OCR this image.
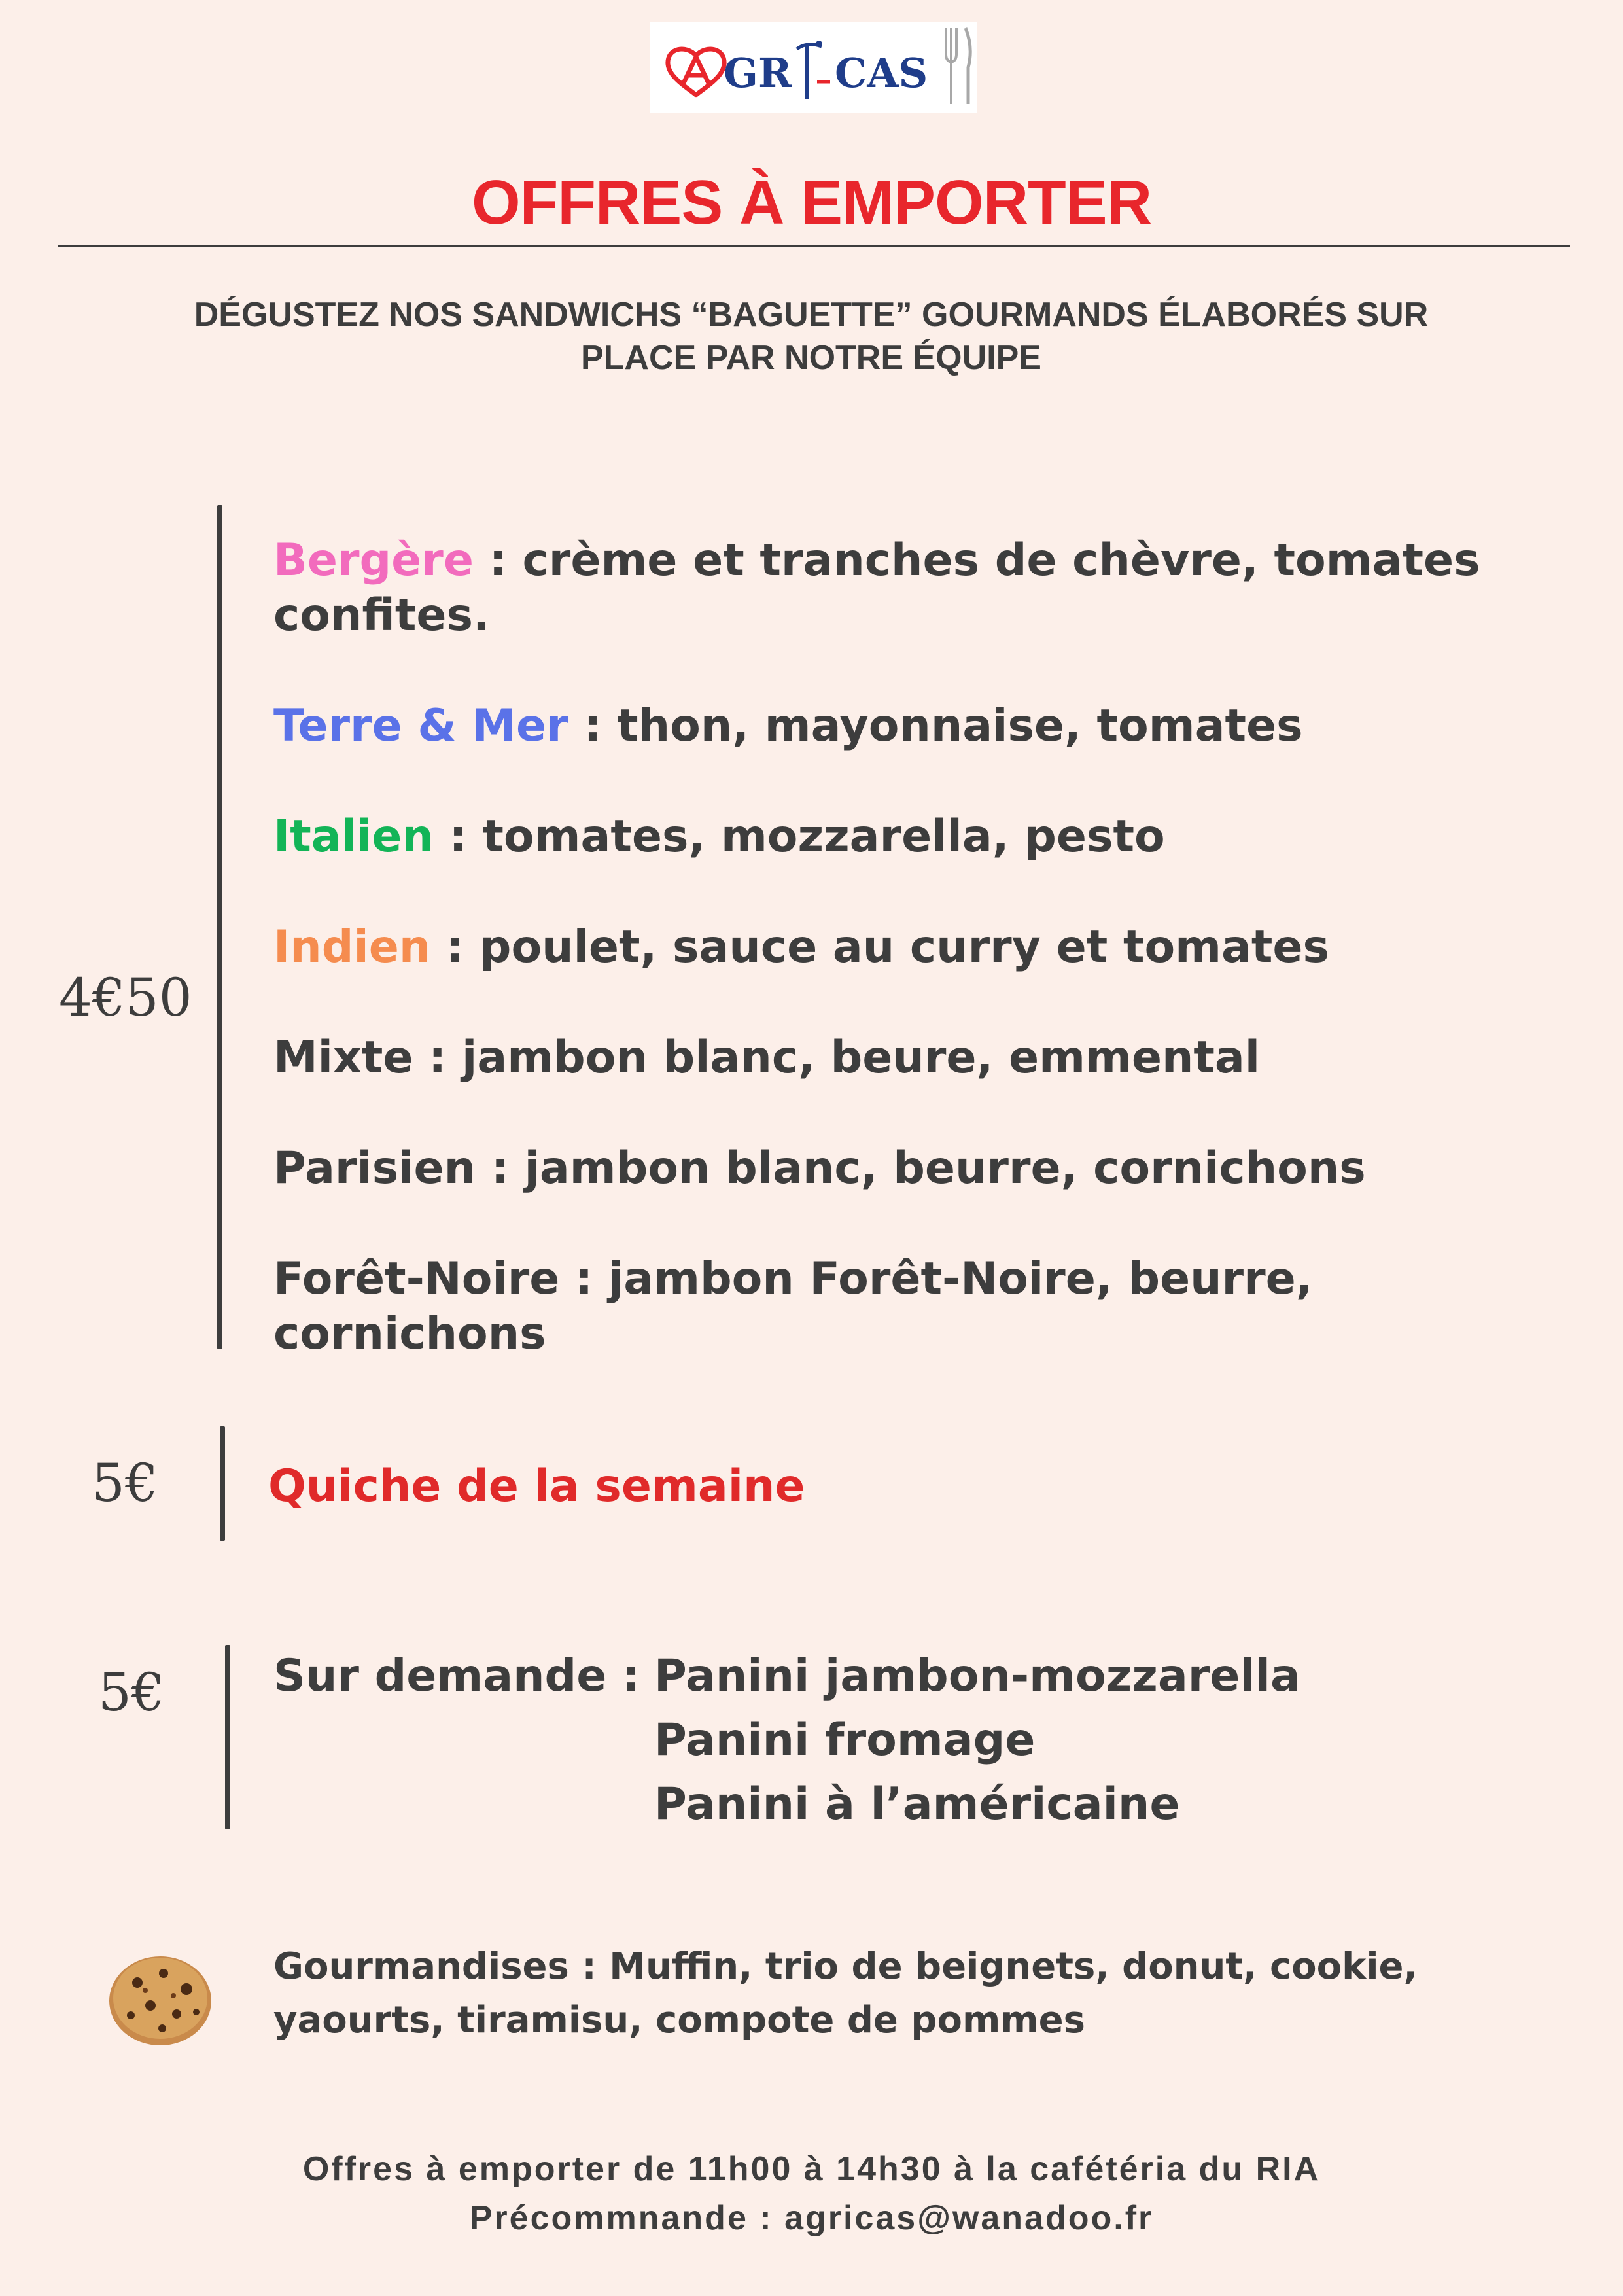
GR CAS
OFFRES À EMPORTER
DÉGUSTEZ NOS SANDWICHS “BAGUETTE” GOURMANDS ÉLABORÉS SUR
PLACE PAR NOTRE ÉQUIPE
4€50
Bergère : crème et tranches de chèvre, tomates
confites.
Terre & Mer : thon, mayonnaise, tomates
Italien : tomates, mozzarella, pesto
Indien : poulet, sauce au curry et tomates
Mixte : jambon blanc, beure, emmental
Parisien : jambon blanc, beurre, cornichons
Forêt-Noire : jambon Forêt-Noire, beurre,
cornichons
5€ Quiche de la semaine
5€ Sur demande : Panini jambon-mozzarella
Panini fromage
Panini à l’américaine
Gourmandises : Muffin, trio de beignets, donut, cookie,
yaourts, tiramisu, compote de pommes
Offres à emporter de 11h00 à 14h30 à la cafétéria du RIA
Précommnande : agricas@wanadoo.fr
